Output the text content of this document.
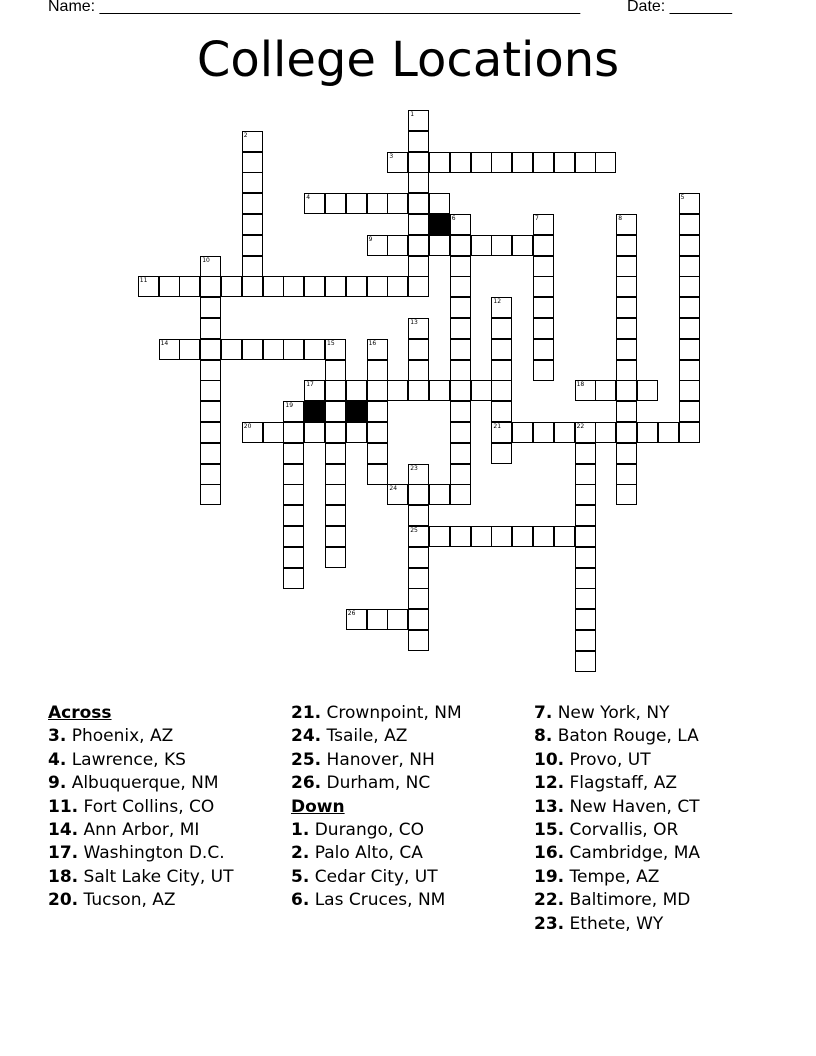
Name: ______________________________________________________	Date: _______
College Locations
3
4
9
11
14
17	18
20	21	22
24
25
26
1
2
5
6	7	8
10
12
13
15	16
19
23
Across
3. Phoenix, AZ
4. Lawrence, KS
9. Albuquerque, NM
11. Fort Collins, CO
14. Ann Arbor, MI
17. Washington D.C.
18. Salt Lake City, UT
20. Tucson, AZ
21. Crownpoint, NM
24. Tsaile, AZ
25. Hanover, NH
26. Durham, NC
Down
1. Durango, CO
2. Palo Alto, CA
5. Cedar City, UT
6. Las Cruces, NM
7. New York, NY
8. Baton Rouge, LA
10. Provo, UT
12. Flagstaff, AZ
13. New Haven, CT
15. Corvallis, OR
16. Cambridge, MA
19. Tempe, AZ
22. Baltimore, MD
23. Ethete, WY
